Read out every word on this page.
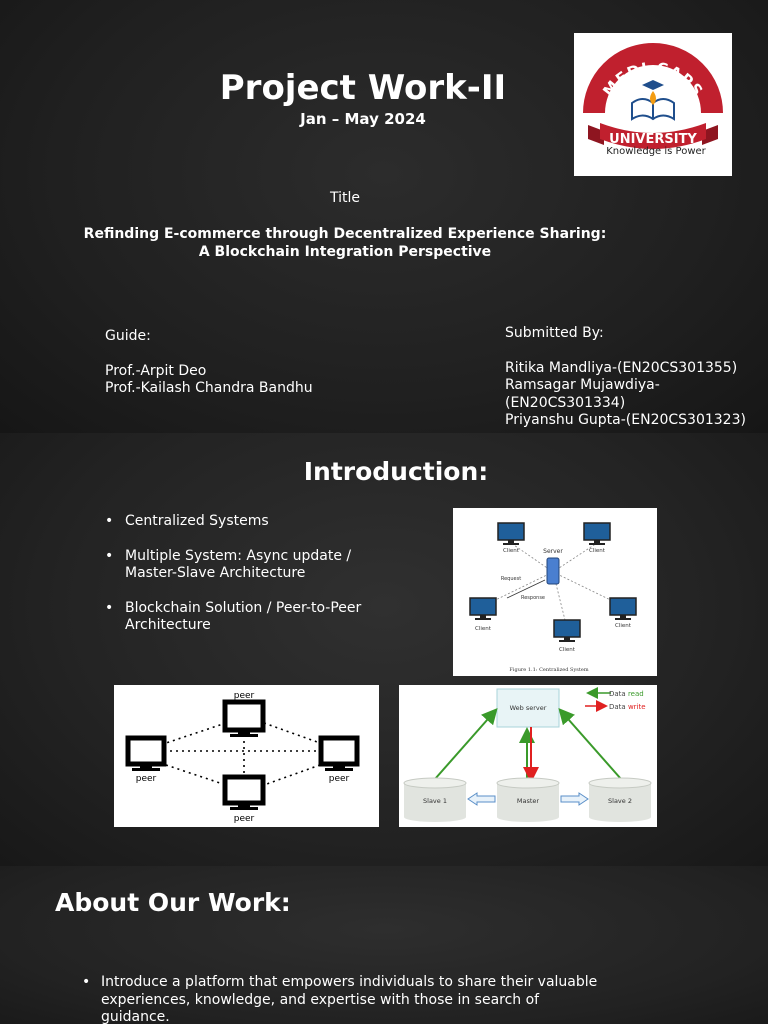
Project Work-II
Jan – May 2024
Title
Refinding E-commerce through Decentralized Experience Sharing:
A Blockchain Integration Perspective
Guide:
Prof.-Arpit Deo
Prof.-Kailash Chandra Bandhu
Submitted By:
Ritika Mandliya-(EN20CS301355)
Ramsagar Mujawdiya-
(EN20CS301334)
Priyanshu Gupta-(EN20CS301323)
MEDI-CAPS
UNIVERSITY
Knowledge is Power
Introduction:
• Centralized Systems
• Multiple System: Async update / Master-Slave Architecture
• Blockchain Solution / Peer-to-Peer Architecture
Server
Client	Client
Client	Client
Client
Request
Response
Figure 1.1: Centralized System
peer
peer	peer
peer
Web server
Data read
Data write
Slave 1	Master	Slave 2
About Our Work:
• Introduce a platform that empowers individuals to share their valuable experiences, knowledge, and expertise with those in search of guidance.
